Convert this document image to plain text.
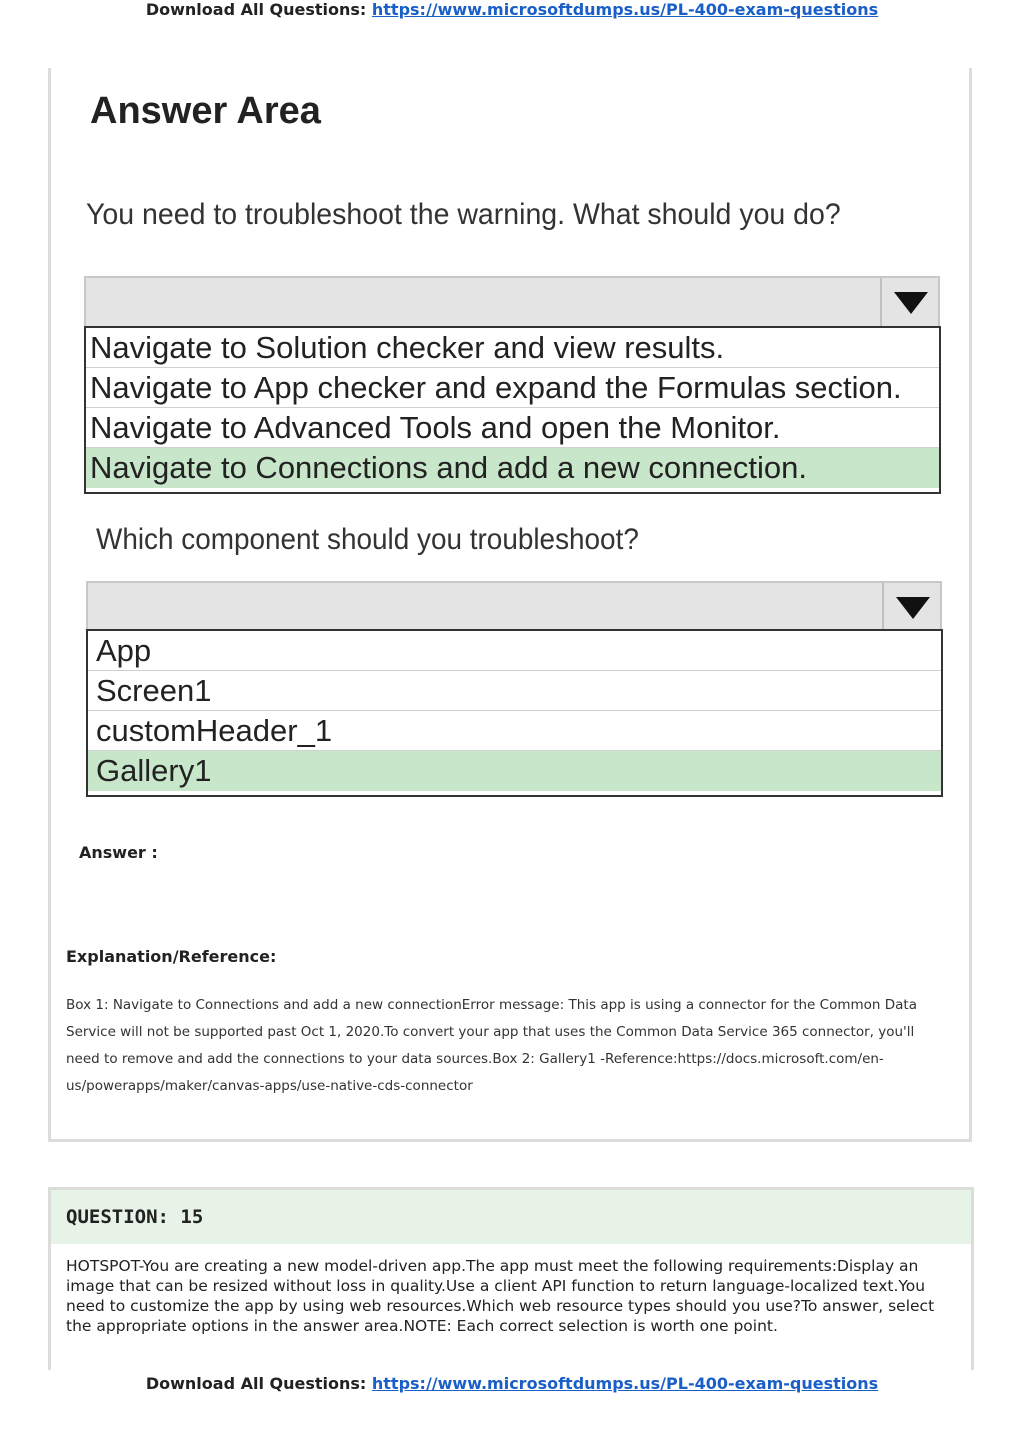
Download All Questions: https://www.microsoftdumps.us/PL-400-exam-questions
Answer Area
You need to troubleshoot the warning. What should you do?
Navigate to Solution checker and view results.
Navigate to App checker and expand the Formulas section.
Navigate to Advanced Tools and open the Monitor.
Navigate to Connections and add a new connection.
Which component should you troubleshoot?
App
Screen1
customHeader_1
Gallery1
Answer :
Explanation/Reference:
Box 1: Navigate to Connections and add a new connectionError message: This app is using a connector for the Common Data Service will not be supported past Oct 1, 2020.To convert your app that uses the Common Data Service 365 connector, you'll need to remove and add the connections to your data sources.Box 2: Gallery1 -Reference:https://docs.microsoft.com/en-us/powerapps/maker/canvas-apps/use-native-cds-connector
QUESTION: 15
HOTSPOT-You are creating a new model-driven app.The app must meet the following requirements:Display an image that can be resized without loss in quality.Use a client API function to return language-localized text.You need to customize the app by using web resources.Which web resource types should you use?To answer, select the appropriate options in the answer area.NOTE: Each correct selection is worth one point.
Download All Questions: https://www.microsoftdumps.us/PL-400-exam-questions
